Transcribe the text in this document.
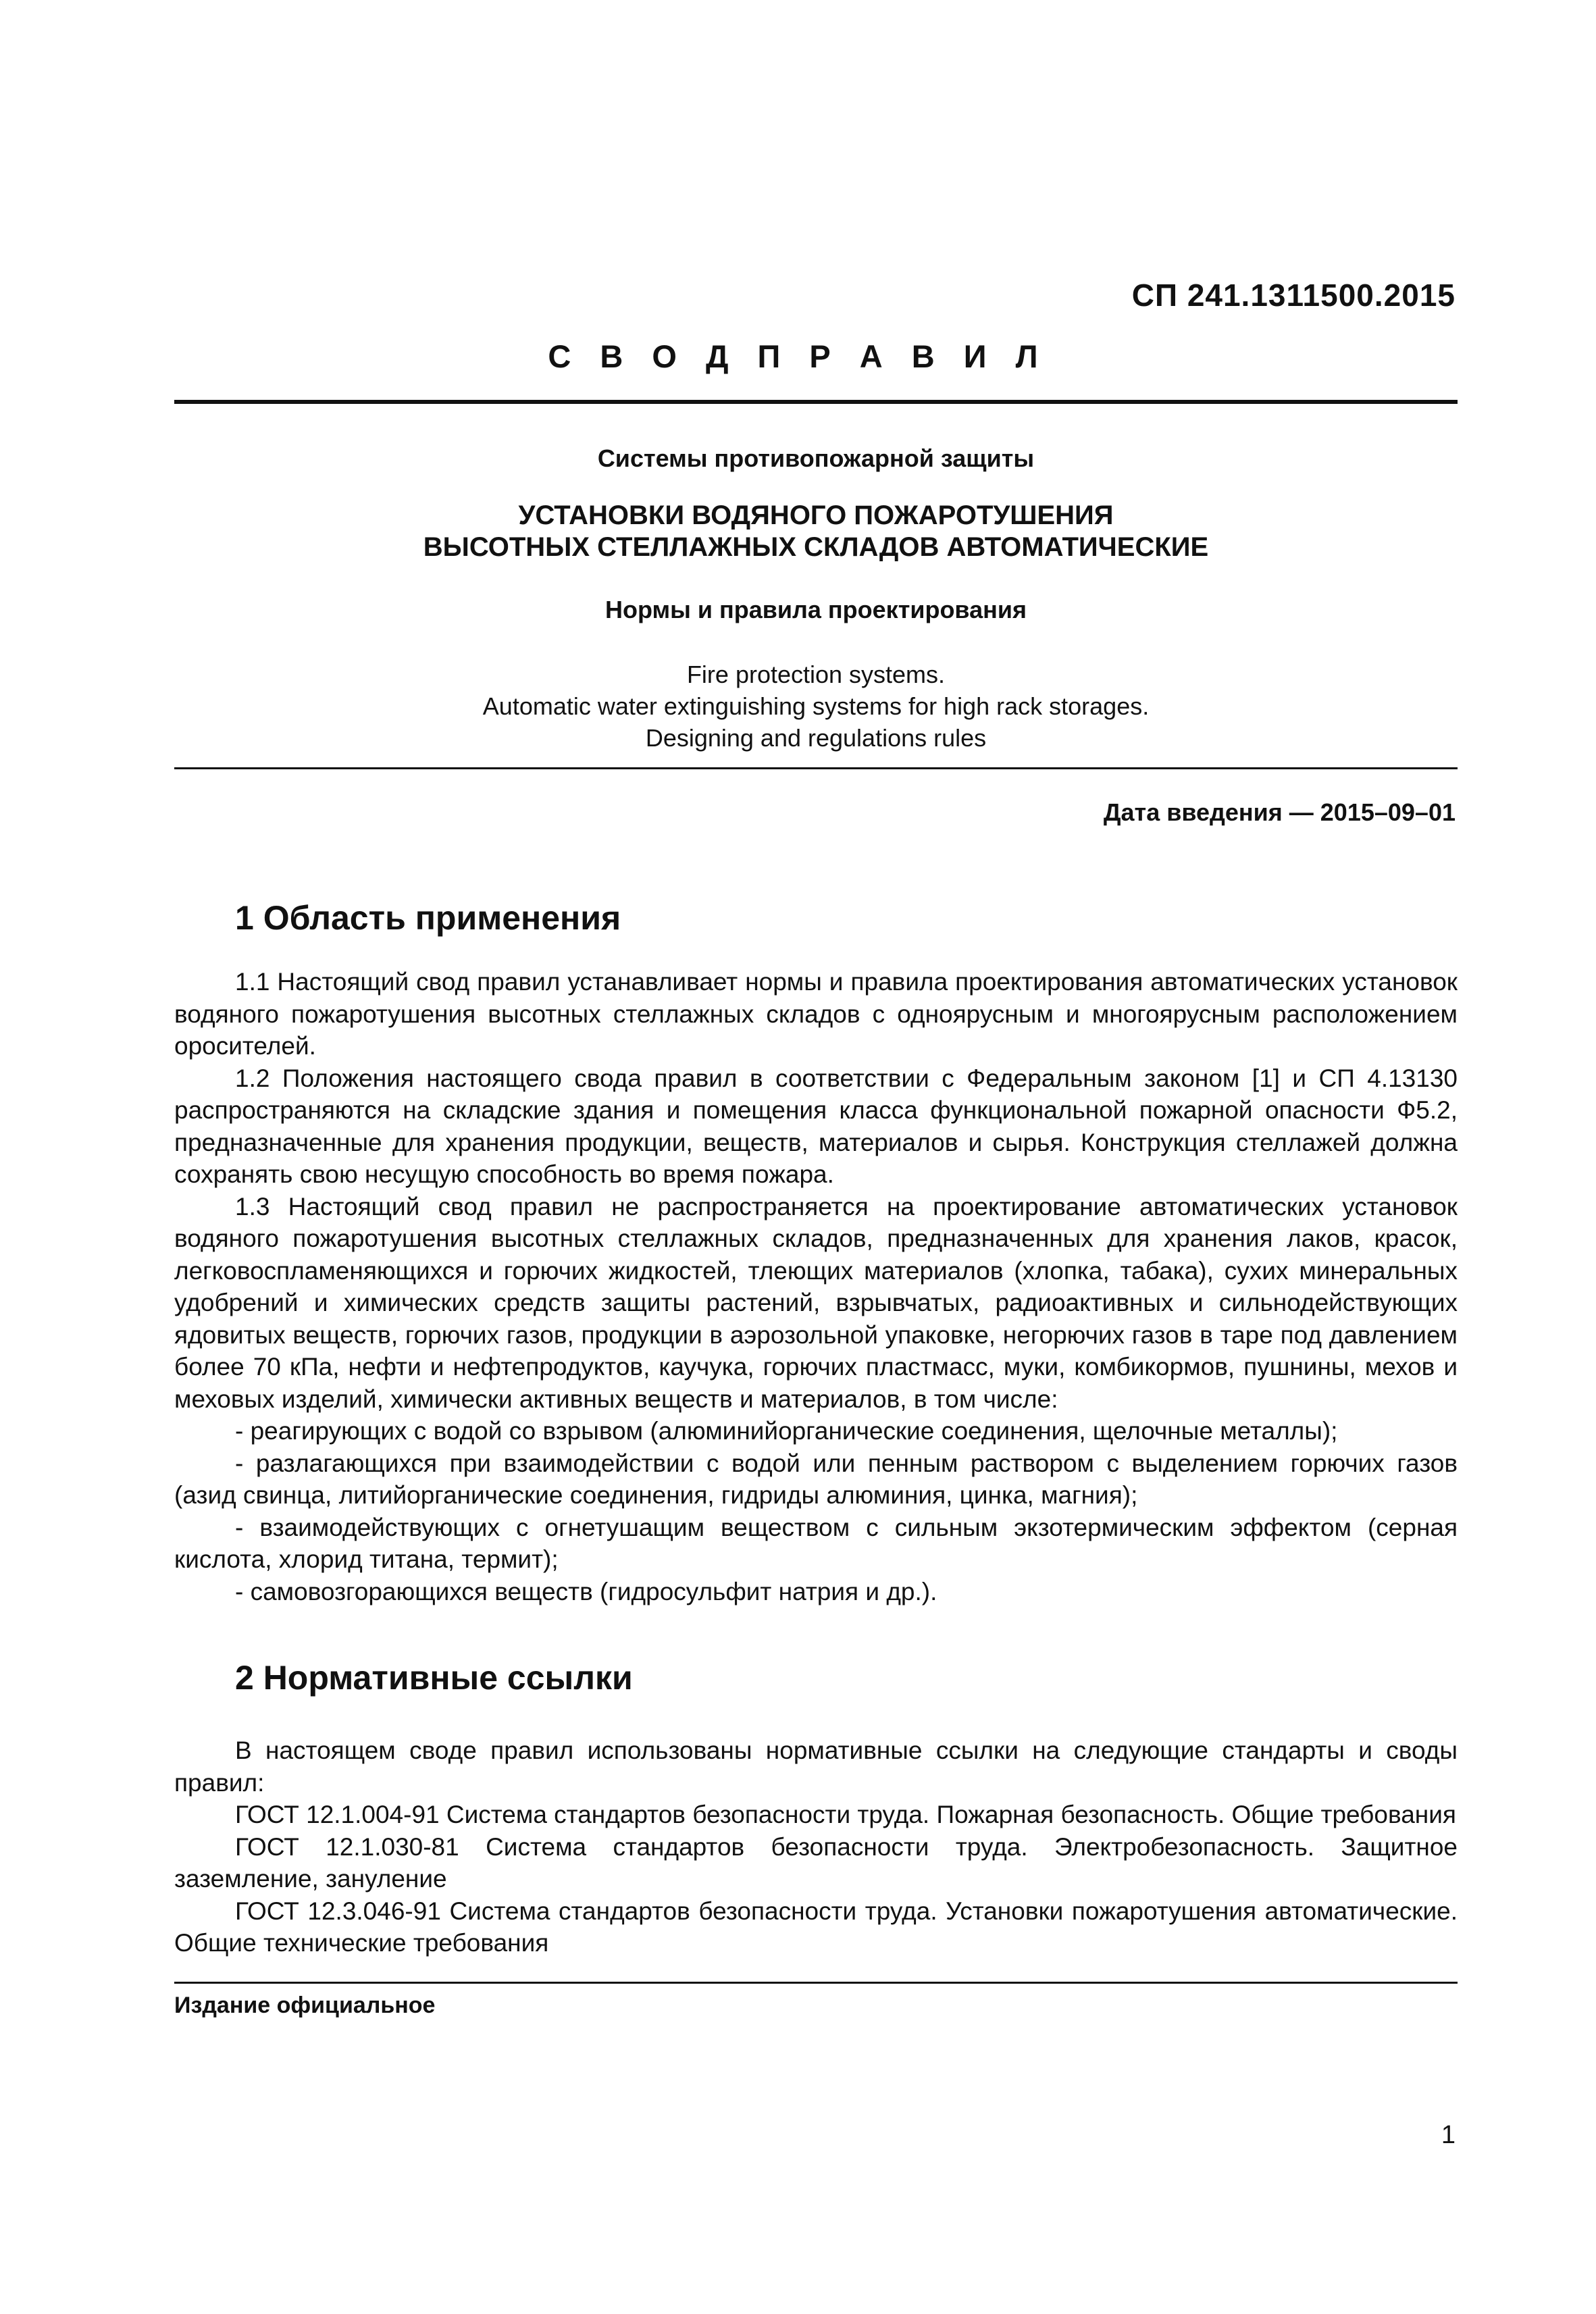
СП 241.1311500.2015
С В О Д П Р А В И Л
Системы противопожарной защиты
УСТАНОВКИ ВОДЯНОГО ПОЖАРОТУШЕНИЯ
ВЫСОТНЫХ СТЕЛЛАЖНЫХ СКЛАДОВ АВТОМАТИЧЕСКИЕ
Нормы и правила проектирования
Fire protection systems.
Automatic water extinguishing systems for high rack storages.
Designing and regulations rules
Дата введения — 2015–09–01
1 Область применения
1.1 Настоящий свод правил устанавливает нормы и правила проектирования автоматических установок водяного пожаротушения высотных стеллажных складов с одноярусным и многоярусным расположением оросителей.
1.2 Положения настоящего свода правил в соответствии с Федеральным законом [1] и СП 4.13130 распространяются на складские здания и помещения класса функциональной пожарной опасности Ф5.2, предназначенные для хранения продукции, веществ, материалов и сырья. Конструкция стеллажей должна сохранять свою несущую способность во время пожара.
1.3 Настоящий свод правил не распространяется на проектирование автоматических установок водяного пожаротушения высотных стеллажных складов, предназначенных для хранения лаков, красок, легковоспламеняющихся и горючих жидкостей, тлеющих материалов (хлопка, табака), сухих минеральных удобрений и химических средств защиты растений, взрывчатых, радиоактивных и сильнодействующих ядовитых веществ, горючих газов, продукции в аэрозольной упаковке, негорючих газов в таре под давлением более 70 кПа, нефти и нефтепродуктов, каучука, горючих пластмасс, муки, комбикормов, пушнины, мехов и меховых изделий, химически активных веществ и материалов, в том числе:
- реагирующих с водой со взрывом (алюминийорганические соединения, щелочные металлы);
- разлагающихся при взаимодействии с водой или пенным раствором с выделением горючих газов (азид свинца, литийорганические соединения, гидриды алюминия, цинка, магния);
- взаимодействующих с огнетушащим веществом с сильным экзотермическим эффектом (серная кислота, хлорид титана, термит);
- самовозгорающихся веществ (гидросульфит натрия и др.).
2 Нормативные ссылки
В настоящем своде правил использованы нормативные ссылки на следующие стандарты и своды правил:
ГОСТ 12.1.004-91 Система стандартов безопасности труда. Пожарная безопасность. Общие требования
ГОСТ 12.1.030-81 Система стандартов безопасности труда. Электробезопасность. Защитное заземление, зануление
ГОСТ 12.3.046-91 Система стандартов безопасности труда. Установки пожаротушения автоматические. Общие технические требования
Издание официальное
1
